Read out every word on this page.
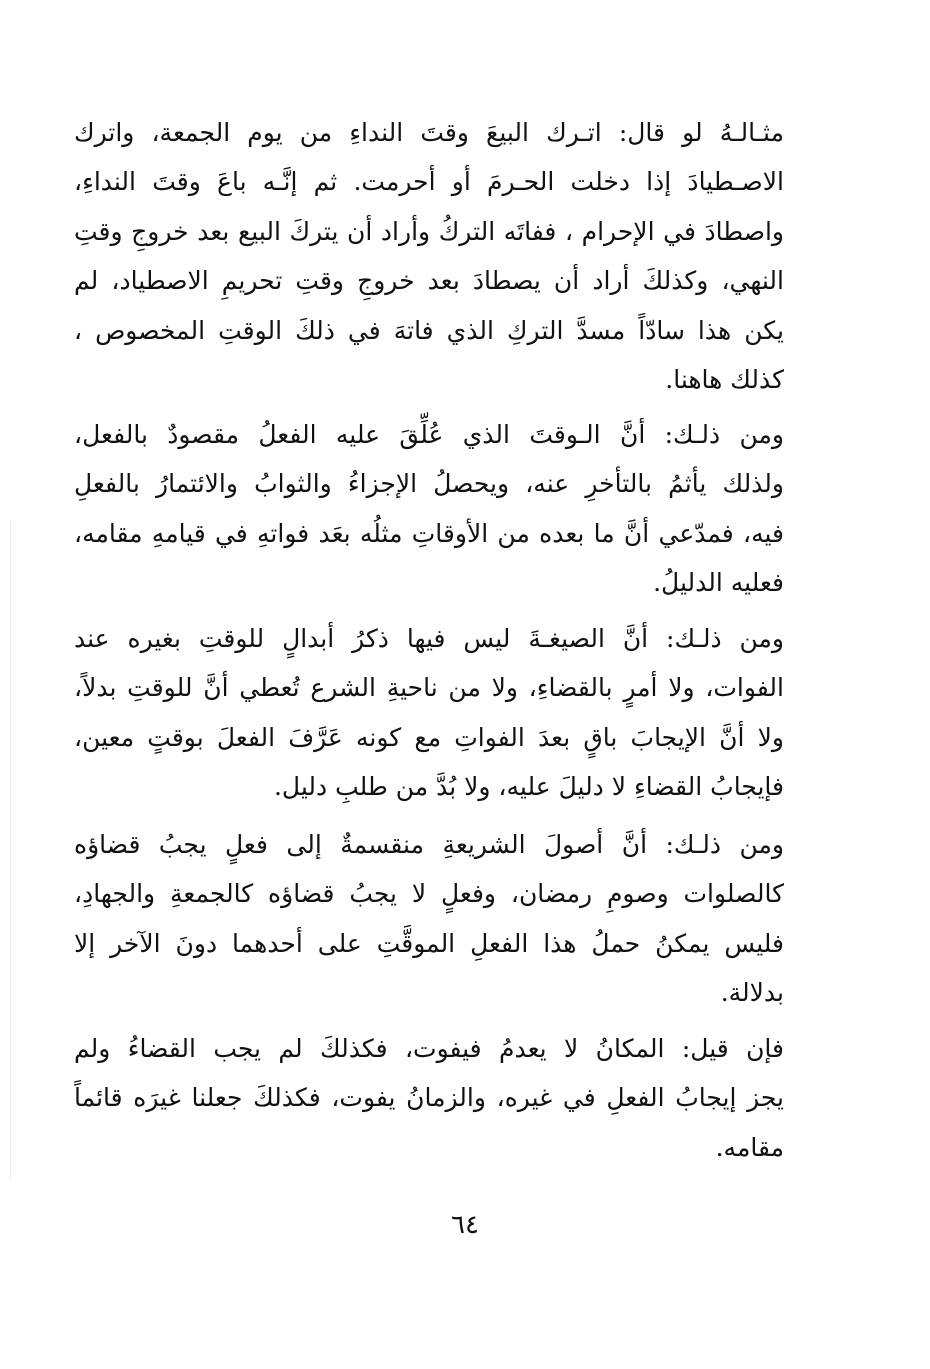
مثـالـهُ لو قال: اتـرك البيعَ وقتَ النداءِ من يوم الجمعة، واترك
الاصـطيادَ إذا دخلت الحـرمَ أو أحرمت. ثم إنَّـه باعَ وقتَ النداءِ،
واصطادَ في الإحرام ، ففاتَه التركُ وأراد أن يتركَ البيع بعد خروجِ وقتِ
النهي، وكذلكَ أراد أن يصطادَ بعد خروجِ وقتِ تحريمِ الاصطياد، لم
يكن هذا سادّاً مسدَّ التركِ الذي فاتهَ في ذلكَ الوقتِ المخصوص ،
كذلك هاهنا.
ومن ذلـك: أنَّ الـوقتَ الذي عُلِّقَ عليه الفعلُ مقصودٌ بالفعل،
ولذلك يأثمُ بالتأخرِ عنه، ويحصلُ الإجزاءُ والثوابُ والائتمارُ بالفعلِ
فيه، فمدّعي أنَّ ما بعده من الأوقاتِ مثلُه بعَد فواتهِ في قيامهِ مقامه،
فعليه الدليلُ.
ومن ذلـك: أنَّ الصيغـةَ ليس فيها ذكرُ أبدالٍ للوقتِ بغيره عند
الفوات، ولا أمرٍ بالقضاءِ، ولا من ناحيةِ الشرع تُعطي أنَّ للوقتِ بدلاً،
ولا أنَّ الإيجابَ باقٍ بعدَ الفواتِ مع كونه عَرَّفَ الفعلَ بوقتٍ معين،
فإيجابُ القضاءِ لا دليلَ عليه، ولا بُدَّ من طلبِ دليل.
ومن ذلـك: أنَّ أصولَ الشريعةِ منقسمةٌ إلى فعلٍ يجبُ قضاؤه
كالصلوات وصومِ رمضان، وفعلٍ لا يجبُ قضاؤه كالجمعةِ والجهادِ،
فليس يمكنُ حملُ هذا الفعلِ الموقَّتِ على أحدهما دونَ الآخر إلا
بدلالة.
فإن قيل: المكانُ لا يعدمُ فيفوت، فكذلكَ لم يجب القضاءُ ولم
يجز إيجابُ الفعلِ في غيره، والزمانُ يفوت، فكذلكَ جعلنا غيرَه قائماً
مقامه.
٦٤
